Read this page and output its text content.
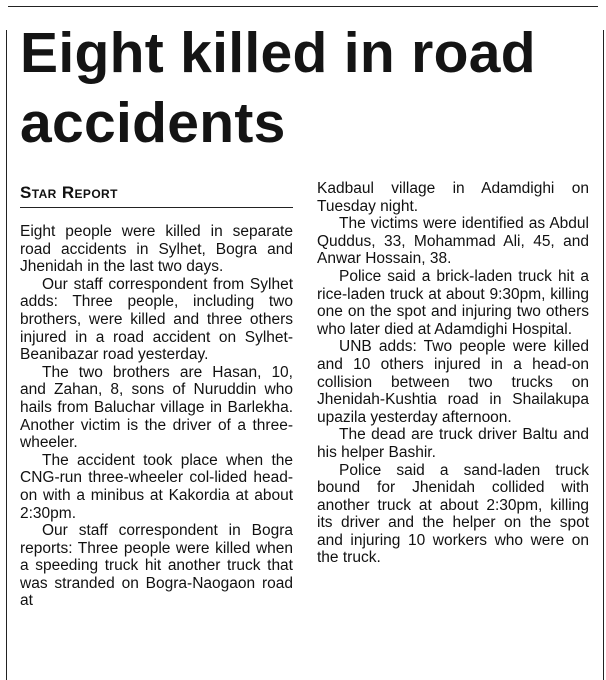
Eight killed in road accidents
Star Report

Eight people were killed in separate road accidents in Sylhet, Bogra and Jhenidah in the last two days.

Our staff correspondent from Sylhet adds: Three people, including two brothers, were killed and three others injured in a road accident on Sylhet-Beanibazar road yesterday.

The two brothers are Hasan, 10, and Zahan, 8, sons of Nuruddin who hails from Baluchar village in Barlekha. Another victim is the driver of a three-wheeler.

The accident took place when the CNG-run three-wheeler col-lided head-on with a minibus at Kakordia at about 2:30pm.

Our staff correspondent in Bogra reports: Three people were killed when a speeding truck hit another truck that was stranded on Bogra-Naogaon road at

Kadbaul village in Adamdighi on Tuesday night.

The victims were identified as Abdul Quddus, 33, Mohammad Ali, 45, and Anwar Hossain, 38.

Police said a brick-laden truck hit a rice-laden truck at about 9:30pm, killing one on the spot and injuring two others who later died at Adamdighi Hospital.

UNB adds: Two people were killed and 10 others injured in a head-on collision between two trucks on Jhenidah-Kushtia road in Shailakupa upazila yesterday afternoon.

The dead are truck driver Baltu and his helper Bashir.

Police said a sand-laden truck bound for Jhenidah collided with another truck at about 2:30pm, killing its driver and the helper on the spot and injuring 10 workers who were on the truck.
